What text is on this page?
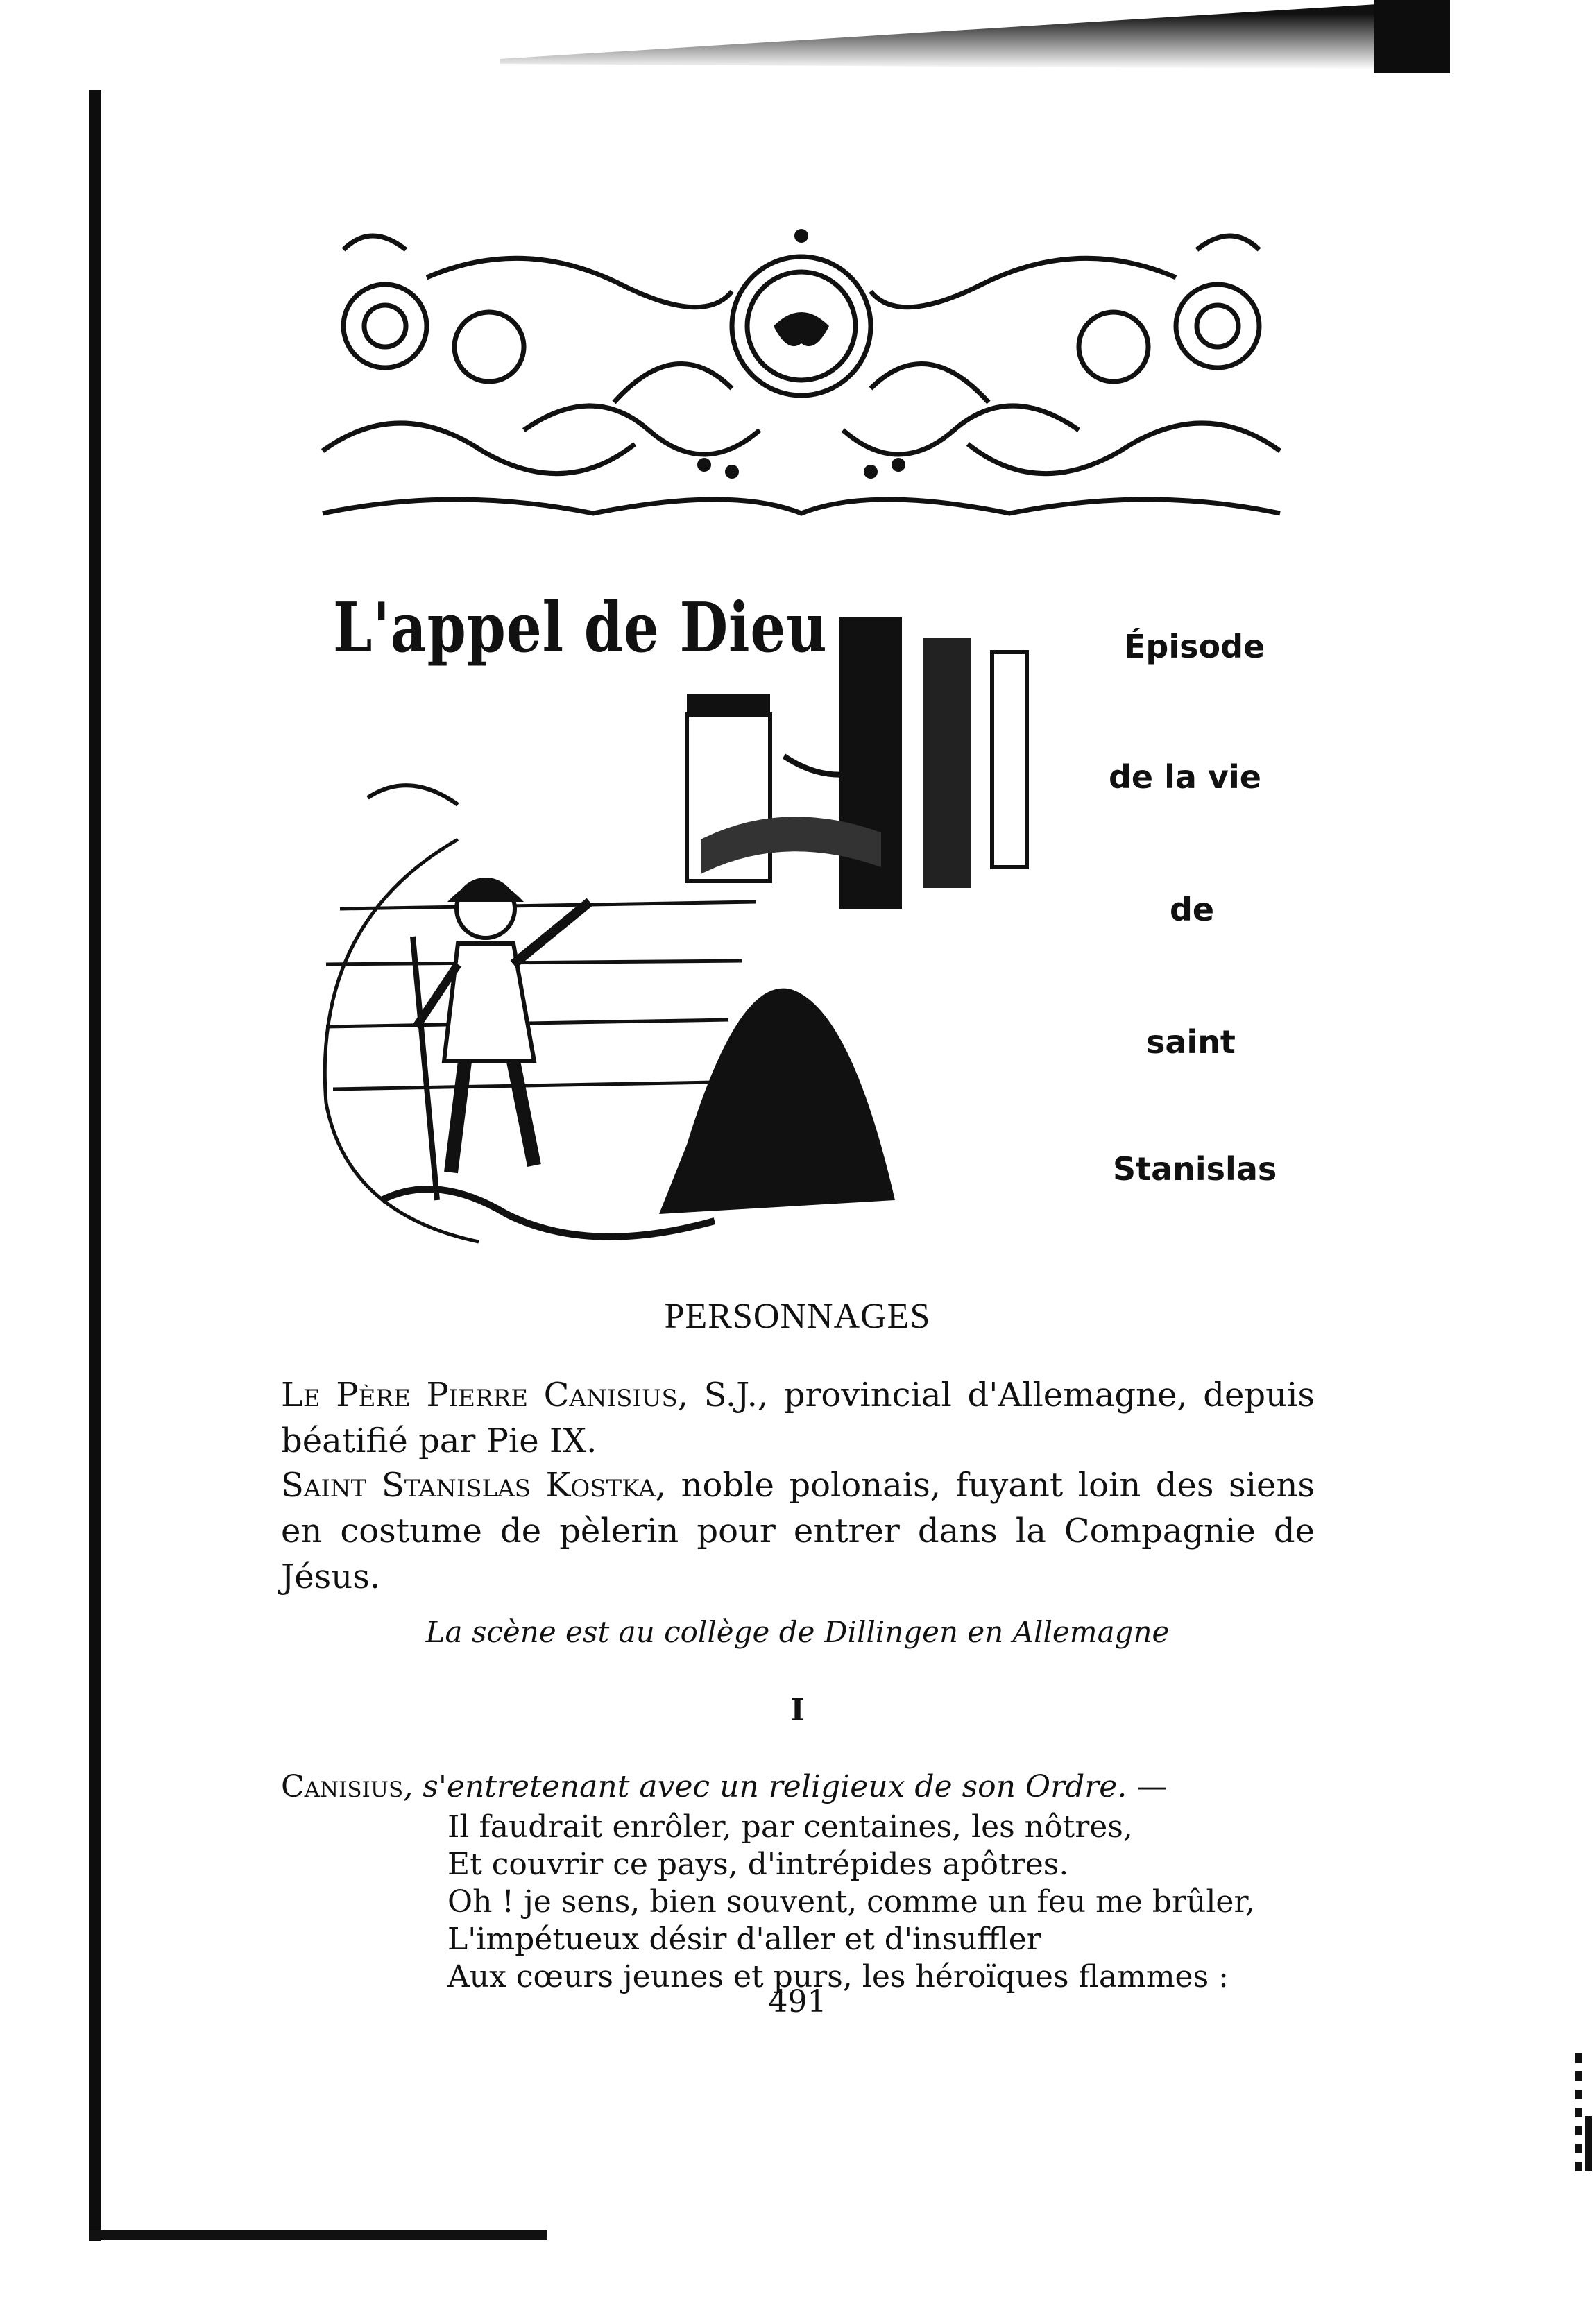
L'appel de Dieu	Épisode
de la vie
de
saint
Stanislas
PERSONNAGES
Le Père Pierre Canisius, S.J., provincial d'Allemagne, depuis béatifié par Pie IX.
Saint Stanislas Kostka, noble polonais, fuyant loin des siens en costume de pèlerin pour entrer dans la Compagnie de Jésus.
La scène est au collège de Dillingen en Allemagne
I
Canisius, s'entretenant avec un religieux de son Ordre. —
Il faudrait enrôler, par centaines, les nôtres,
Et couvrir ce pays, d'intrépides apôtres.
Oh ! je sens, bien souvent, comme un feu me brûler,
L'impétueux désir d'aller et d'insuffler
Aux cœurs jeunes et purs, les héroïques flammes :
491
